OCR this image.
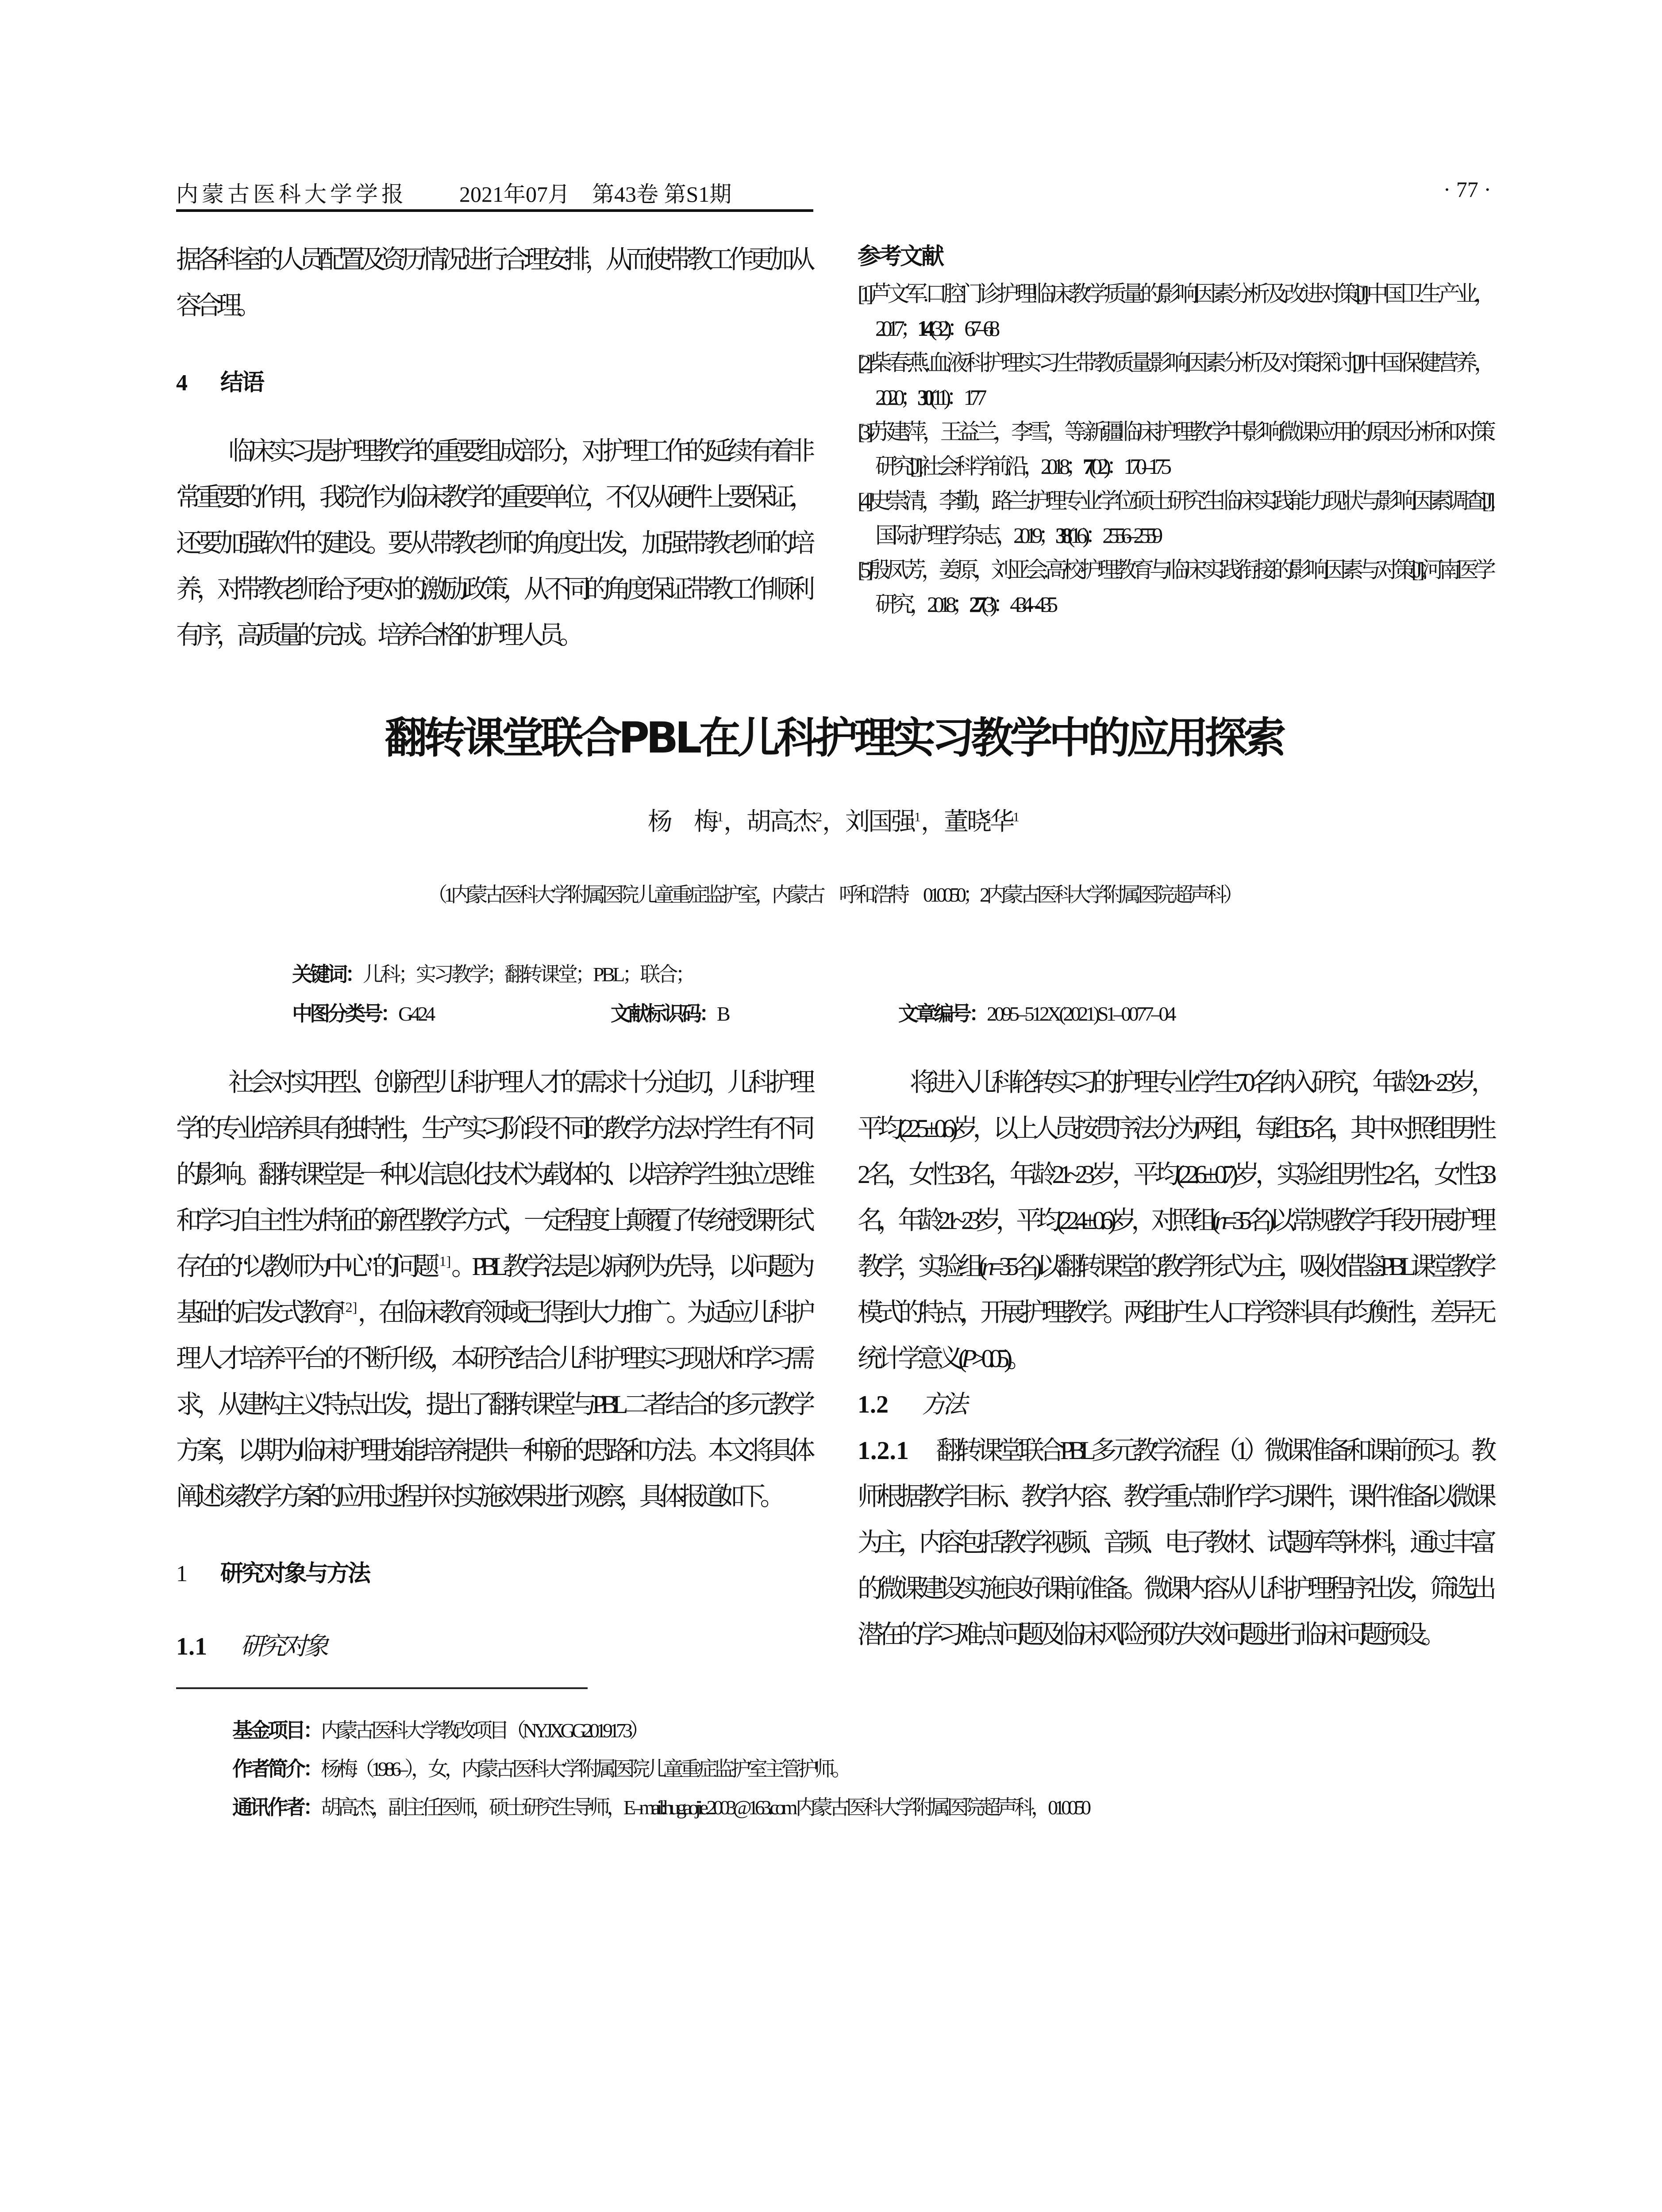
内蒙古医科大学学报 2021年07月　第43卷 第S1期	· 77 ·
据各科室的人员配置及资历情况进行合理安排，从而使带教工作更加从容合理。
4 结语
临床实习是护理教学的重要组成部分，对护理工作的延续有着非常重要的作用，我院作为临床教学的重要单位，不仅从硬件上要保证，还要加强软件的建设。要从带教老师的角度出发，加强带教老师的培养，对带教老师给予更对的激励政策，从不同的角度保证带教工作顺利有序，高质量的完成。培养合格的护理人员。
参考文献
[1]芦文军. 口腔门诊护理临床教学质量的影响因素分析及改进对策[J]. 中国卫生产业，2017；14(32)：67–68
[2]柴春燕. 血液科护理实习生带教质量影响因素分析及对策探讨[J]. 中国保健营养，2020；30(11)：177
[3]苏建萍，王益兰，李雪，等. 新疆临床护理教学中影响微课应用的原因分析和对策研究[J]. 社会科学前沿，2018；7(02)：170–175
[4]史崇清，李勤，路兰. 护理专业学位硕士研究生临床实践能力现状与影响因素调查[J]. 国际护理学杂志，2019；38(16)：2556–2559
[5]殷凤芳，姜原，刘亚会. 高校护理教育与临床实践衔接的影响因素与对策[J]. 河南医学研究，2018；27(3)：434–435
翻转课堂联合PBL在儿科护理实习教学中的应用探索
杨　梅$^1$，胡高杰$^2$，刘国强$^1$，董晓华$^1$
（1内蒙古医科大学附属医院 儿童重症监护室，内蒙古　呼和浩特　010050；2内蒙古医科大学附属医院 超声科）
关键词：儿科；实习教学；翻转课堂；PBL；联合；
中图分类号：G424	文献标识码：B	文章编号：2095–512X(2021)S1–0077–04
社会对实用型、创新型儿科护理人才的需求十分迫切，儿科护理学的专业培养具有独特性，生产实习阶段不同的教学方法对学生有不同的影响。翻转课堂是一种以信息化技术为载体的、以培养学生独立思维和学习自主性为特征的新型教学方式，一定程度上颠覆了传统授课形式存在的“以教师为中心”的问题[1]。PBL教学法是以病例为先导，以问题为基础的启发式教育[2]，在临床教育领域已得到大力推广。为适应儿科护理人才培养平台的不断升级，本研究结合儿科护理实习现状和学习需求，从建构主义特点出发，提出了翻转课堂与PBL二者结合的多元教学方案，以期为临床护理技能培养提供一种新的思路和方法。本文将具体阐述该教学方案的应用过程并对实施效果进行观察，具体报道如下。
1 研究对象与方法
1.1 研究对象
将进入儿科轮转实习的护理专业学生70名纳入研究，年龄21~23岁，平均(22.5 ± 0.6)岁，以上人员按贯序法分为两组，每组35名，其中对照组男性2名，女性33名，年龄21~23岁，平均(22.6 ± 0.7)岁，实验组男性2名，女性33名，年龄21~23岁，平均(22.4 ± 0.6)岁，对照组(n =35名)以常规教学手段开展护理教学，实验组(n =35名)以翻转课堂的教学形式为主，吸收借鉴PBL课堂教学模式的特点，开展护理教学。两组护生人口学资料具有均衡性，差异无统计学意义(P> 0.05)。
1.2 方法
1.2.1 翻转课堂联合PBL多元教学流程（1）微课准备和课前预习。教师根据教学目标、教学内容、教学重点制作学习课件，课件准备以微课为主，内容包括教学视频、音频、电子教材、试题库等材料，通过丰富的微课建设实施良好课前准备。微课内容从儿科护理程序出发，筛选出潜在的学习难点问题及临床风险预防失效问题进行临床问题预设。
基金项目：内蒙古医科大学教改项目（NYJXGG2019173）
作者简介：杨梅（1986–），女，内蒙古医科大学附属医院儿童重症监护室主管护师。
通讯作者：胡高杰，副主任医师，硕士研究生导师，E–mail:hugaojie.2003@163.com 内蒙古医科大学附属医院超声科，010050
